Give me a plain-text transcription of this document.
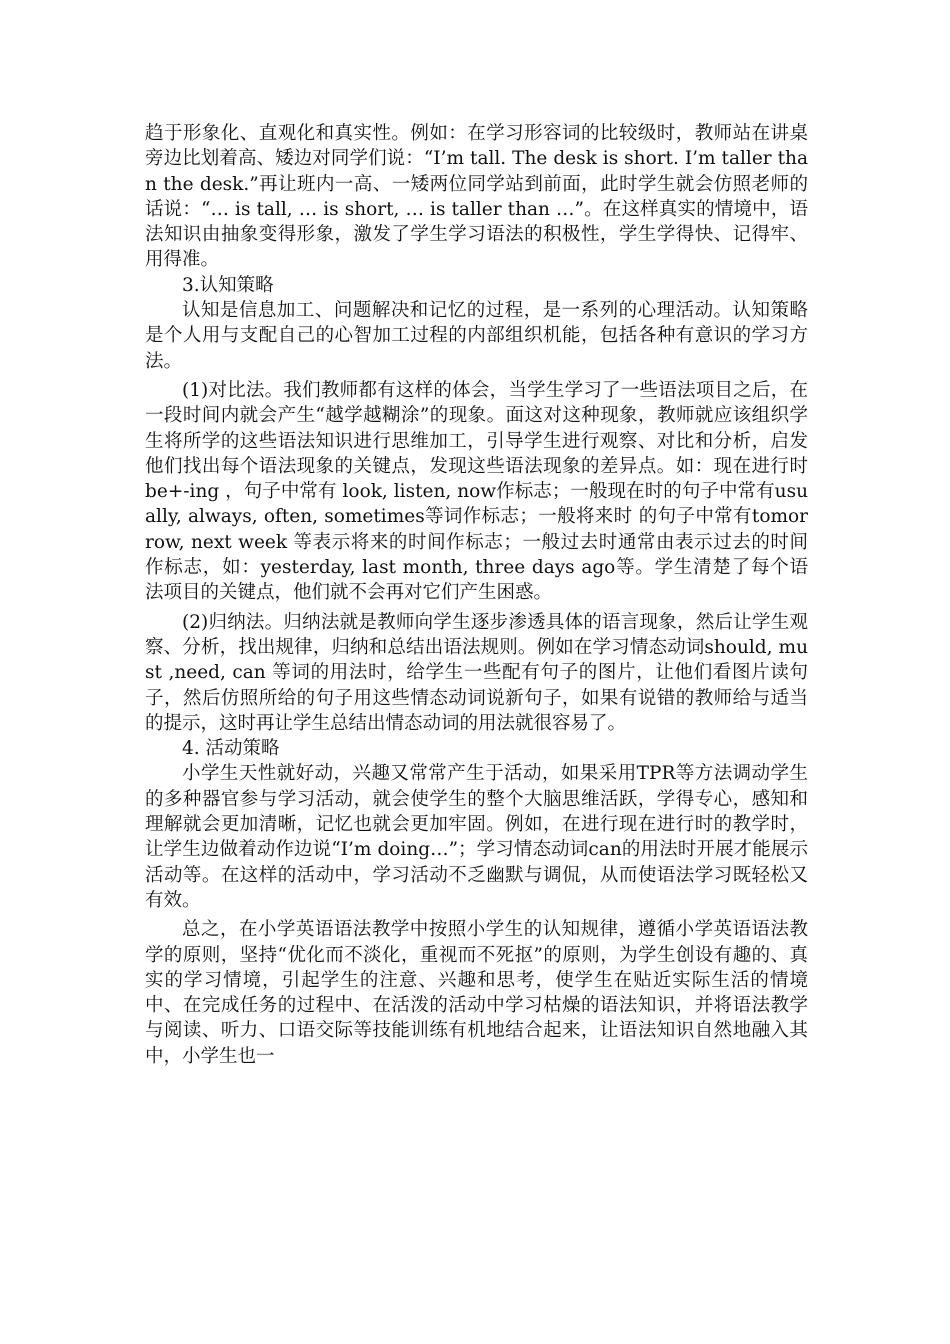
趋于形象化、直观化和真实性。例如：在学习形容词的比较级时，教师站在讲桌旁边比划着高、矮边对同学们说：“I’m tall. The desk is short. I’m taller than the desk.”再让班内一高、一矮两位同学站到前面，此时学生就会仿照老师的话说：“… is tall, … is short, … is taller than …”。在这样真实的情境中，语法知识由抽象变得形象，激发了学生学习语法的积极性，学生学得快、记得牢、用得准。

3.认知策略

认知是信息加工、问题解决和记忆的过程，是一系列的心理活动。认知策略是个人用与支配自己的心智加工过程的内部组织机能，包括各种有意识的学习方法。

(1)对比法。我们教师都有这样的体会，当学生学习了一些语法项目之后，在一段时间内就会产生“越学越糊涂”的现象。面这对这种现象，教师就应该组织学生将所学的这些语法知识进行思维加工，引导学生进行观察、对比和分析，启发他们找出每个语法现象的关键点，发现这些语法现象的差异点。如：现在进行时 be+-ing ，句子中常有 look, listen, now作标志；一般现在时的句子中常有usually, always, often, sometimes等词作标志；一般将来时 的句子中常有tomorrow, next week 等表示将来的时间作标志；一般过去时通常由表示过去的时间作标志，如：yesterday, last month, three days ago等。学生清楚了每个语法项目的关键点，他们就不会再对它们产生困惑。

(2)归纳法。归纳法就是教师向学生逐步渗透具体的语言现象，然后让学生观察、分析，找出规律，归纳和总结出语法规则。例如在学习情态动词should, must ,need, can 等词的用法时，给学生一些配有句子的图片，让他们看图片读句子，然后仿照所给的句子用这些情态动词说新句子，如果有说错的教师给与适当的提示，这时再让学生总结出情态动词的用法就很容易了。

4. 活动策略

小学生天性就好动，兴趣又常常产生于活动，如果采用TPR等方法调动学生的多种器官参与学习活动，就会使学生的整个大脑思维活跃，学得专心，感知和理解就会更加清晰，记忆也就会更加牢固。例如，在进行现在进行时的教学时，让学生边做着动作边说“I’m doing…”；学习情态动词can的用法时开展才能展示活动等。在这样的活动中，学习活动不乏幽默与调侃，从而使语法学习既轻松又有效。

总之，在小学英语语法教学中按照小学生的认知规律，遵循小学英语语法教学的原则，坚持“优化而不淡化，重视而不死抠”的原则，为学生创设有趣的、真实的学习情境，引起学生的注意、兴趣和思考，使学生在贴近实际生活的情境中、在完成任务的过程中、在活泼的活动中学习枯燥的语法知识，并将语法教学与阅读、听力、口语交际等技能训练有机地结合起来，让语法知识自然地融入其中，小学生也一
